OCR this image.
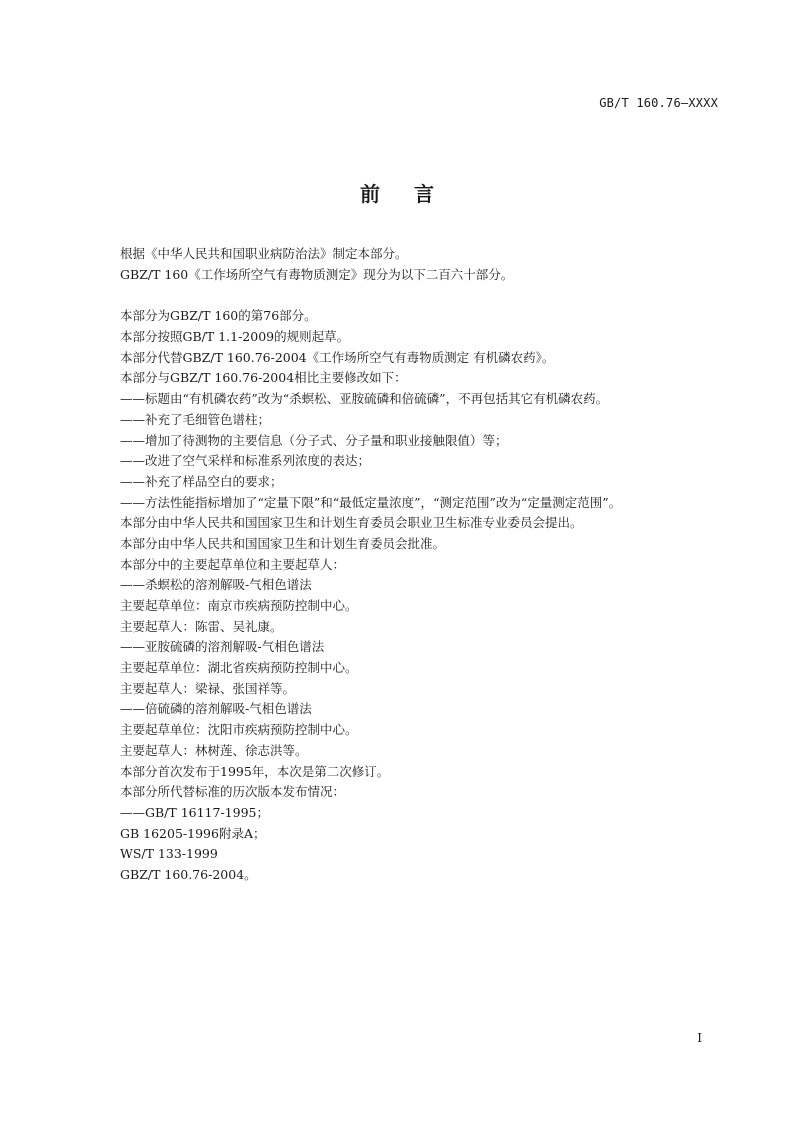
GB/T 160.76—XXXX
前言
根据《中华人民共和国职业病防治法》制定本部分。
GBZ/T 160《工作场所空气有毒物质测定》现分为以下二百六十部分。
本部分为GBZ/T 160的第76部分。
本部分按照GB/T 1.1-2009的规则起草。
本部分代替GBZ/T 160.76-2004《工作场所空气有毒物质测定 有机磷农药》。
本部分与GBZ/T 160.76-2004相比主要修改如下：
——标题由“有机磷农药”改为“杀螟松、亚胺硫磷和倍硫磷”，不再包括其它有机磷农药。
——补充了毛细管色谱柱；
——增加了待测物的主要信息（分子式、分子量和职业接触限值）等；
——改进了空气采样和标准系列浓度的表达；
——补充了样品空白的要求；
——方法性能指标增加了“定量下限”和“最低定量浓度”，“测定范围”改为“定量测定范围”。
本部分由中华人民共和国国家卫生和计划生育委员会职业卫生标准专业委员会提出。
本部分由中华人民共和国国家卫生和计划生育委员会批准。
本部分中的主要起草单位和主要起草人：
——杀螟松的溶剂解吸-气相色谱法
主要起草单位：南京市疾病预防控制中心。
主要起草人：陈雷、吴礼康。
——亚胺硫磷的溶剂解吸-气相色谱法
主要起草单位：湖北省疾病预防控制中心。
主要起草人：梁禄、张国祥等。
——倍硫磷的溶剂解吸-气相色谱法
主要起草单位：沈阳市疾病预防控制中心。
主要起草人：林树莲、徐志洪等。
本部分首次发布于1995年，本次是第二次修订。
本部分所代替标准的历次版本发布情况：
——GB/T 16117-1995；
GB 16205-1996附录A；
WS/T 133-1999
GBZ/T 160.76-2004。
I
